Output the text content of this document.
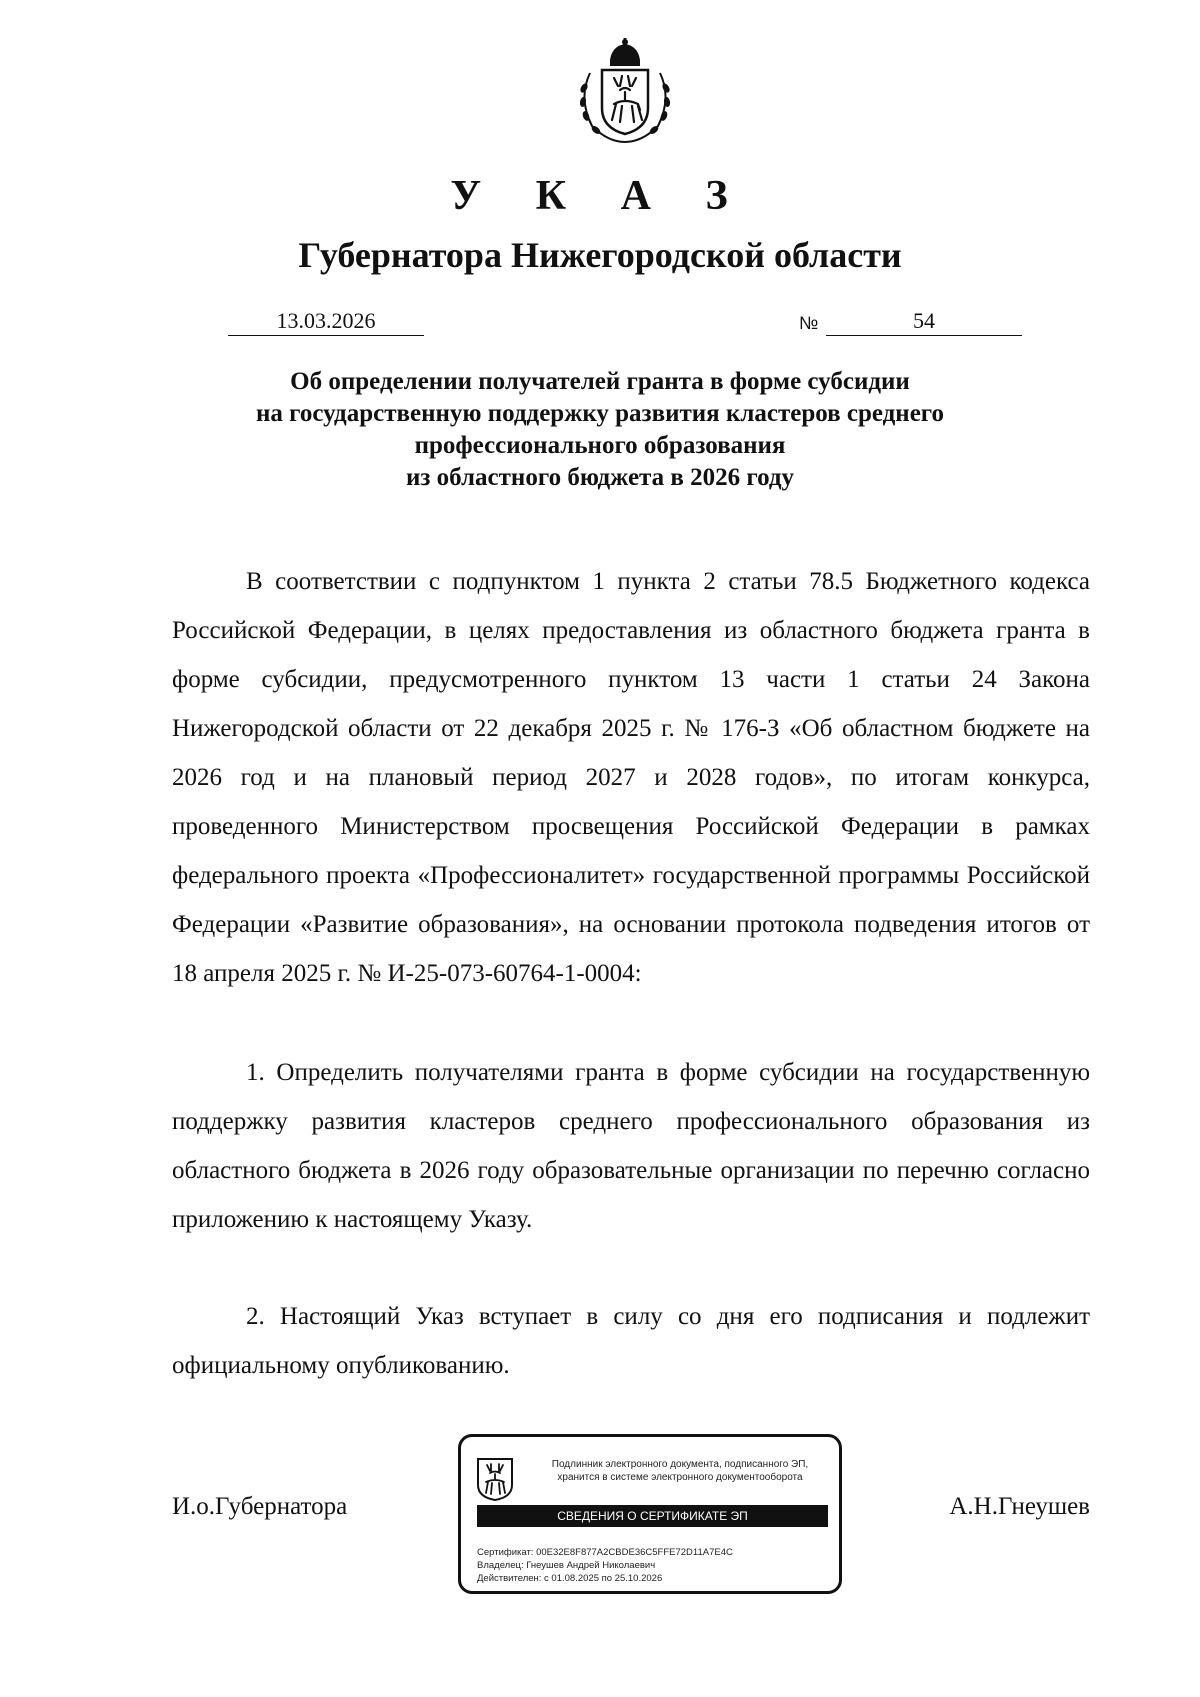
У К А З
Губернатора Нижегородской области
13.03.2026	№	54
Об определении получателей гранта в форме субсидии
на государственную поддержку развития кластеров среднего
профессионального образования
из областного бюджета в 2026 году

В соответствии с подпунктом 1 пункта 2 статьи 78.5 Бюджетного кодекса Российской Федерации, в целях предоставления из областного бюджета гранта в форме субсидии, предусмотренного пунктом 13 части 1 статьи 24 Закона Нижегородской области от 22 декабря 2025 г. № 176-З «Об областном бюджете на 2026 год и на плановый период 2027 и 2028 годов», по итогам конкурса, проведенного Министерством просвещения Российской Федерации в рамках федерального проекта «Профессионалитет» государственной программы Российской Федерации «Развитие образования», на основании протокола подведения итогов от 18 апреля 2025 г. № И-25-073-60764-1-0004:

1. Определить получателями гранта в форме субсидии на государственную поддержку развития кластеров среднего профессионального образования из областного бюджета в 2026 году образовательные организации по перечню согласно приложению к настоящему Указу.

2. Настоящий Указ вступает в силу со дня его подписания и подлежит официальному опубликованию.

И.о.Губернатора	А.Н.Гнеушев
Подлинник электронного документа, подписанного ЭП,
хранится в системе электронного документооборота
СВЕДЕНИЯ О СЕРТИФИКАТЕ ЭП
Сертификат: 00E32E8F877A2CBDE36C5FFE72D11A7E4C
Владелец: Гнеушев Андрей Николаевич
Действителен: с 01.08.2025 по 25.10.2026
